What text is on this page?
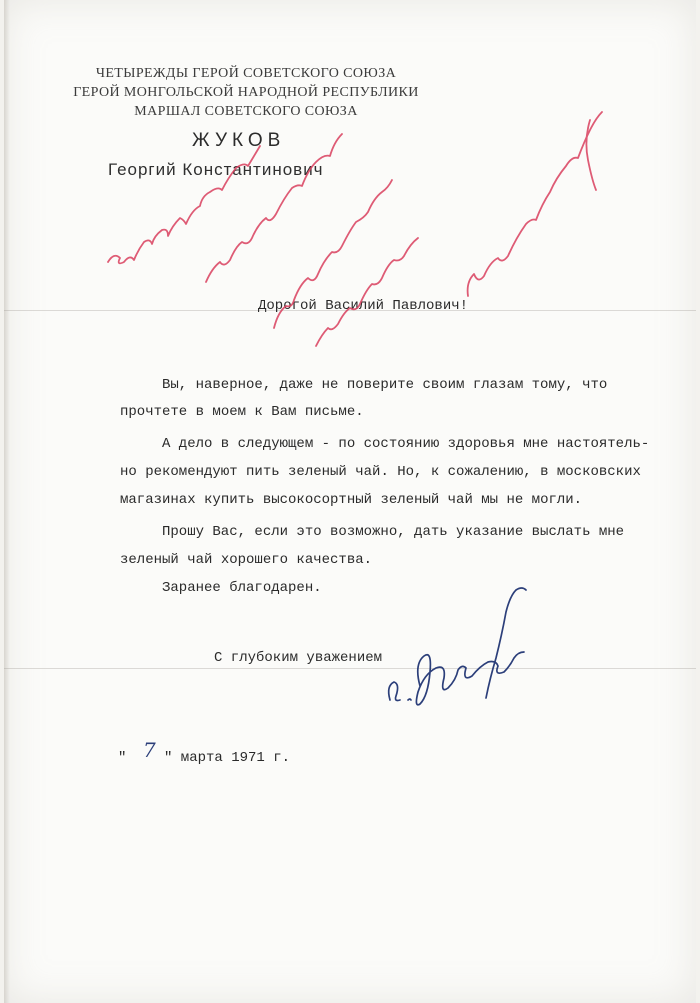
ЧЕТЫРЕЖДЫ ГЕРОЙ СОВЕТСКОГО СОЮЗА
ГЕРОЙ МОНГОЛЬСКОЙ НАРОДНОЙ РЕСПУБЛИКИ
МАРШАЛ СОВЕТСКОГО СОЮЗА
ЖУКОВ
Георгий Константинович
Дорогой Василий Павлович!
Вы, наверное, даже не поверите своим глазам тому, что
прочтете в моем к Вам письме.
А дело в следующем - по состоянию здоровья мне настоятель-
но рекомендуют пить зеленый чай. Но, к сожалению, в московских
магазинах купить высокосортный зеленый чай мы не могли.
Прошу Вас, если это возможно, дать указание выслать мне
зеленый чай хорошего качества.
Заранее благодарен.
С глубоким уважением
" 7 " марта 1971 г.
